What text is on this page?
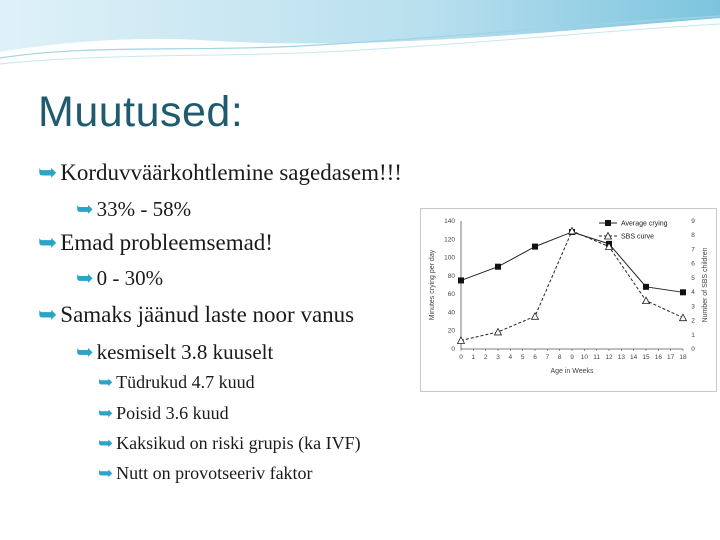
Muutused:
➥ Korduvväärkohtlemine sagedasem!!!
➥ 33% - 58%
➥ Emad probleemsemad!
➥ 0 - 30%
➥ Samaks jäänud laste noor vanus
➥ kesmiselt 3.8 kuuselt
➥ Tüdrukud 4.7 kuud
➥ Poisid 3.6 kuud
➥ Kaksikud on riski grupis (ka IVF)
➥ Nutt on provotseeriv faktor
0 1 2 3 4 5 6 7 8 9 10 11 12 13 14 15 16 17 18
0
20
40
60
80
100
120
140
0
1
2
3
4
5
6
7
8
9
Age in Weeks
Minutes crying per day	Number of SBS children
Average crying
SBS curve
